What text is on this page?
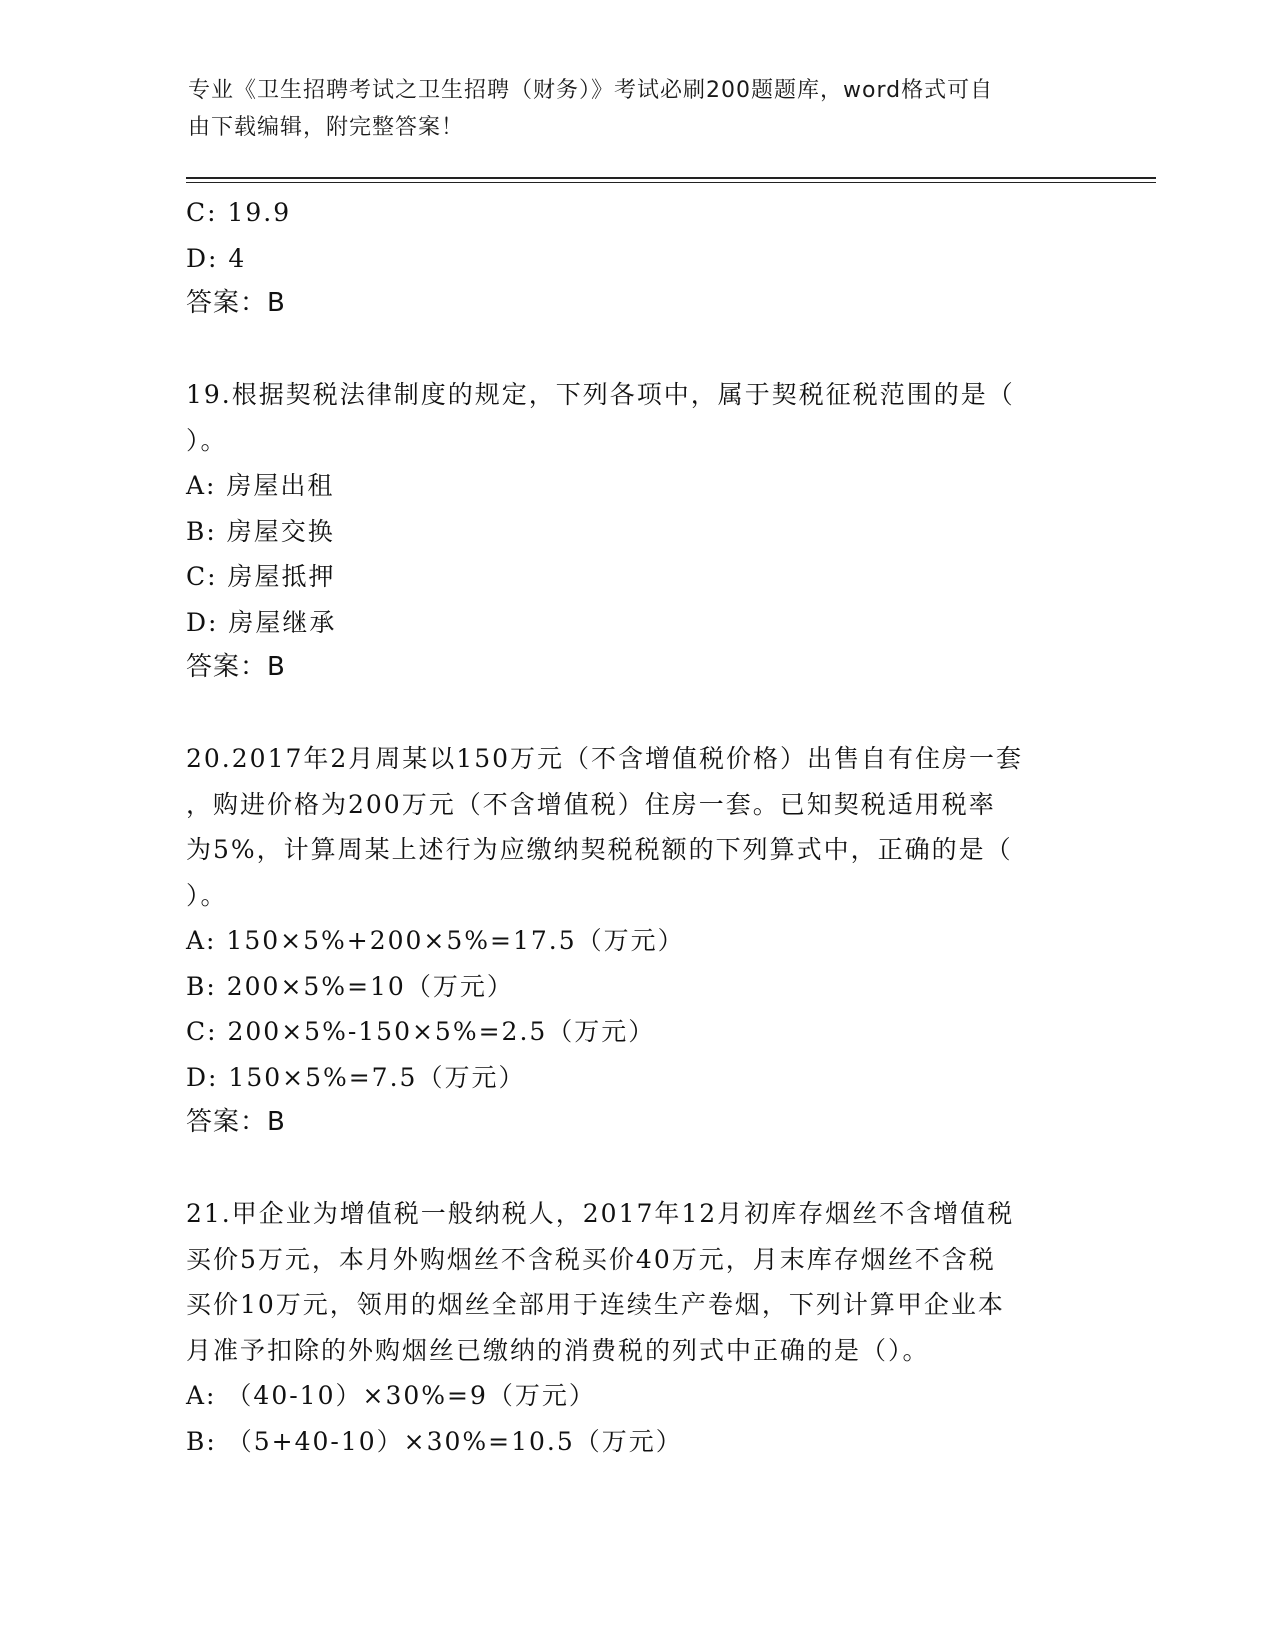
专业《卫生招聘考试之卫生招聘（财务）》考试必刷200题题库，word格式可自
由下载编辑，附完整答案！
C: 19.9
D: 4
答案：B
19.根据契税法律制度的规定，下列各项中，属于契税征税范围的是（
）。
A: 房屋出租
B: 房屋交换
C: 房屋抵押
D: 房屋继承
答案：B
20.2017年2月周某以150万元（不含增值税价格）出售自有住房一套
，购进价格为200万元（不含增值税）住房一套。已知契税适用税率
为5%，计算周某上述行为应缴纳契税税额的下列算式中，正确的是（
）。
A: 150×5%+200×5%=17.5（万元）
B: 200×5%=10（万元）
C: 200×5%-150×5%=2.5（万元）
D: 150×5%=7.5（万元）
答案：B
21.甲企业为增值税一般纳税人，2017年12月初库存烟丝不含增值税
买价5万元，本月外购烟丝不含税买价40万元，月末库存烟丝不含税
买价10万元，领用的烟丝全部用于连续生产卷烟，下列计算甲企业本
月准予扣除的外购烟丝已缴纳的消费税的列式中正确的是（）。
A: （40-10）×30%=9（万元）
B: （5+40-10）×30%=10.5（万元）
